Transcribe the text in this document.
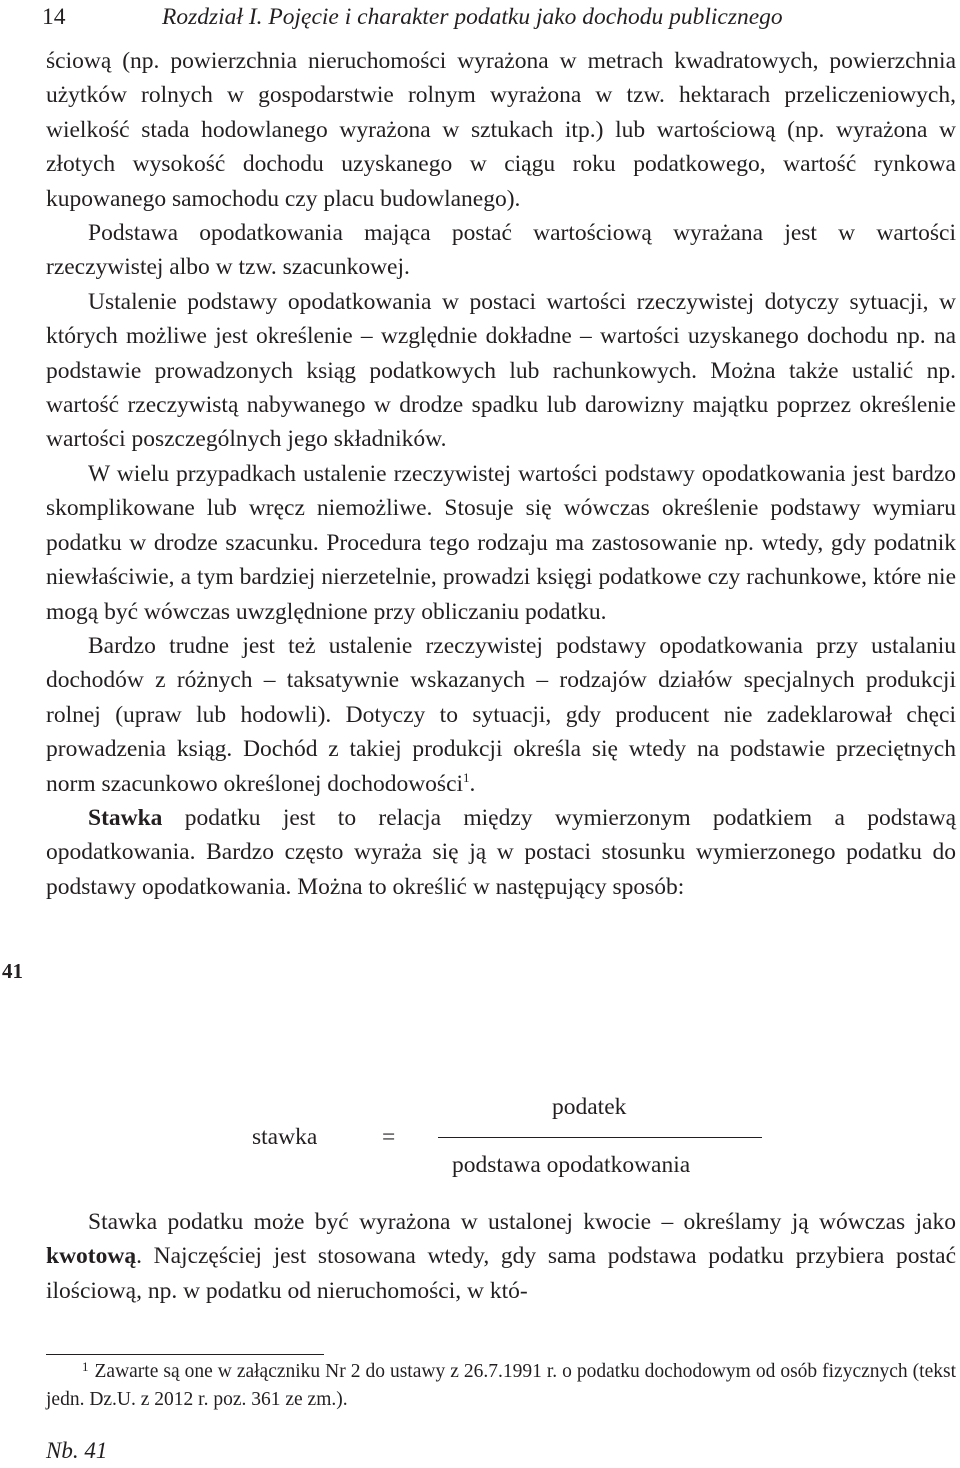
14	Rozdział I. Pojęcie i charakter podatku jako dochodu publicznego

ściową (np. powierzchnia nieruchomości wyrażona w metrach kwadratowych, powierzchnia użytków rolnych w gospodarstwie rolnym wyrażona w tzw. hektarach przeliczeniowych, wielkość stada hodowlanego wyrażona w sztukach itp.) lub wartościową (np. wyrażona w złotych wysokość dochodu uzyskanego w ciągu roku podatkowego, wartość rynkowa kupowanego samochodu czy placu budowlanego).

Podstawa opodatkowania mająca postać wartościową wyrażana jest w wartości rzeczywistej albo w tzw. szacunkowej.

Ustalenie podstawy opodatkowania w postaci wartości rzeczywistej dotyczy sytuacji, w których możliwe jest określenie – względnie dokładne – wartości uzyskanego dochodu np. na podstawie prowadzonych ksiąg podatkowych lub rachunkowych. Można także ustalić np. wartość rzeczywistą nabywanego w drodze spadku lub darowizny majątku poprzez określenie wartości poszczególnych jego składników.

W wielu przypadkach ustalenie rzeczywistej wartości podstawy opodatkowania jest bardzo skomplikowane lub wręcz niemożliwe. Stosuje się wówczas określenie podstawy wymiaru podatku w drodze szacunku. Procedura tego rodzaju ma zastosowanie np. wtedy, gdy podatnik niewłaściwie, a tym bardziej nierzetelnie, prowadzi księgi podatkowe czy rachunkowe, które nie mogą być wówczas uwzględnione przy obliczaniu podatku.

Bardzo trudne jest też ustalenie rzeczywistej podstawy opodatkowania przy ustalaniu dochodów z różnych – taksatywnie wskazanych – rodzajów działów specjalnych produkcji rolnej (upraw lub hodowli). Dotyczy to sytuacji, gdy producent nie zadeklarował chęci prowadzenia ksiąg. Dochód z takiej produkcji określa się wtedy na podstawie przeciętnych norm szacunkowo określonej dochodowości$^1$.

Stawka podatku jest to relacja między wymierzonym podatkiem a podstawą opodatkowania. Bardzo często wyraża się ją w postaci stosunku wymierzonego podatku do podstawy opodatkowania. Można to określić w następujący sposób:

41
stawka	=
podatek
podstawa opodatkowania

Stawka podatku może być wyrażona w ustalonej kwocie – określamy ją wówczas jako kwotową. Najczęściej jest stosowana wtedy, gdy sama podstawa podatku przybiera postać ilościową, np. w podatku od nieruchomości, w któ-

$^1$ Zawarte są one w załączniku Nr 2 do ustawy z 26.7.1991 r. o podatku dochodowym od osób fizycznych (tekst jedn. Dz.U. z 2012 r. poz. 361 ze zm.).
Nb. 41
